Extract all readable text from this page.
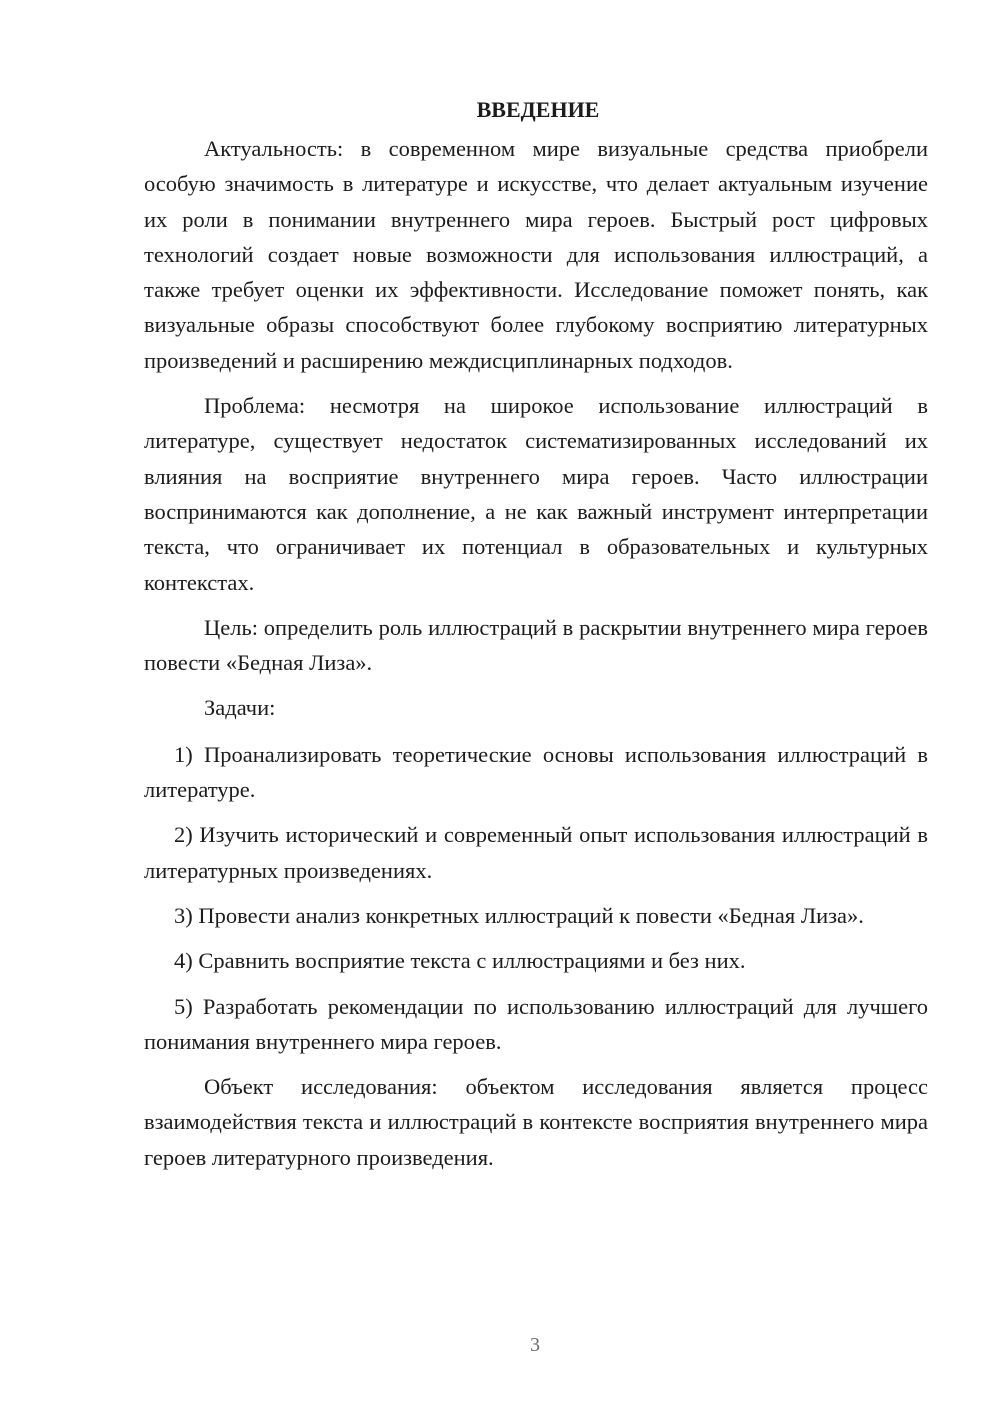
ВВЕДЕНИЕ

Актуальность: в современном мире визуальные средства приобрели особую значимость в литературе и искусстве, что делает актуальным изучение их роли в понимании внутреннего мира героев. Быстрый рост цифровых технологий создает новые возможности для использования иллюстраций, а также требует оценки их эффективности. Исследование поможет понять, как визуальные образы способствуют более глубокому восприятию литературных произведений и расширению междисциплинарных подходов.

Проблема: несмотря на широкое использование иллюстраций в литературе, существует недостаток систематизированных исследований их влияния на восприятие внутреннего мира героев. Часто иллюстрации воспринимаются как дополнение, а не как важный инструмент интерпретации текста, что ограничивает их потенциал в образовательных и культурных контекстах.

Цель: определить роль иллюстраций в раскрытии внутреннего мира героев повести «Бедная Лиза».

Задачи:

1) Проанализировать теоретические основы использования иллюстраций в литературе.

2) Изучить исторический и современный опыт использования иллюстраций в литературных произведениях.

3) Провести анализ конкретных иллюстраций к повести «Бедная Лиза».

4) Сравнить восприятие текста с иллюстрациями и без них.

5) Разработать рекомендации по использованию иллюстраций для лучшего понимания внутреннего мира героев.

Объект исследования: объектом исследования является процесс взаимодействия текста и иллюстраций в контексте восприятия внутреннего мира героев литературного произведения.

3
